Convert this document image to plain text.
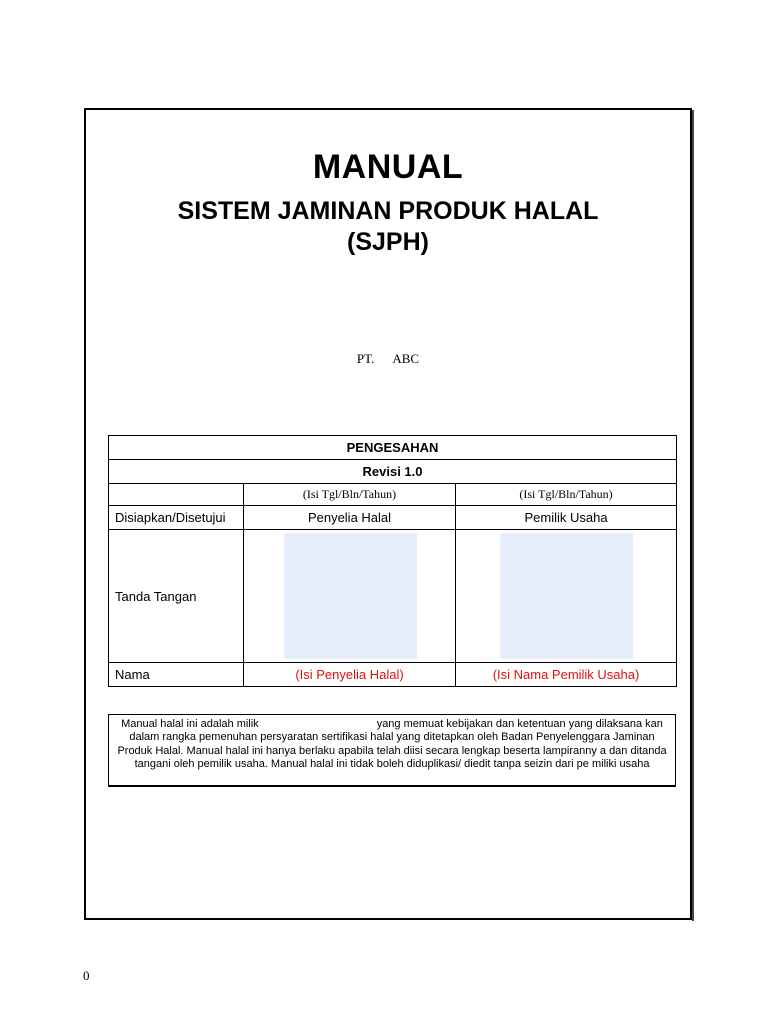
MANUAL
SISTEM JAMINAN PRODUK HALAL
(SJPH)
PT. ABC
PENGESAHAN		
Revisi 1.0		
	(Isi Tgl/Bln/Tahun)	(Isi Tgl/Bln/Tahun)
Disiapkan/Disetujui	Penyelia Halal	Pemilik Usaha
Tanda Tangan	

Nama	(Isi Penyelia Halal)	(Isi Nama Pemilik Usaha)
Manual halal ini adalah milik	yang memuat kebijakan dan ketentuan yang dilaksana kan dalam rangka pemenuhan persyaratan sertifikasi halal yang ditetapkan oleh Badan Penyelenggara Jaminan Produk Halal. Manual halal ini hanya berlaku apabila telah diisi secara lengkap beserta lampiranny a dan ditanda tangani oleh pemilik usaha. Manual halal ini tidak boleh diduplikasi/ diedit tanpa seizin dari pe miliki usaha
0
